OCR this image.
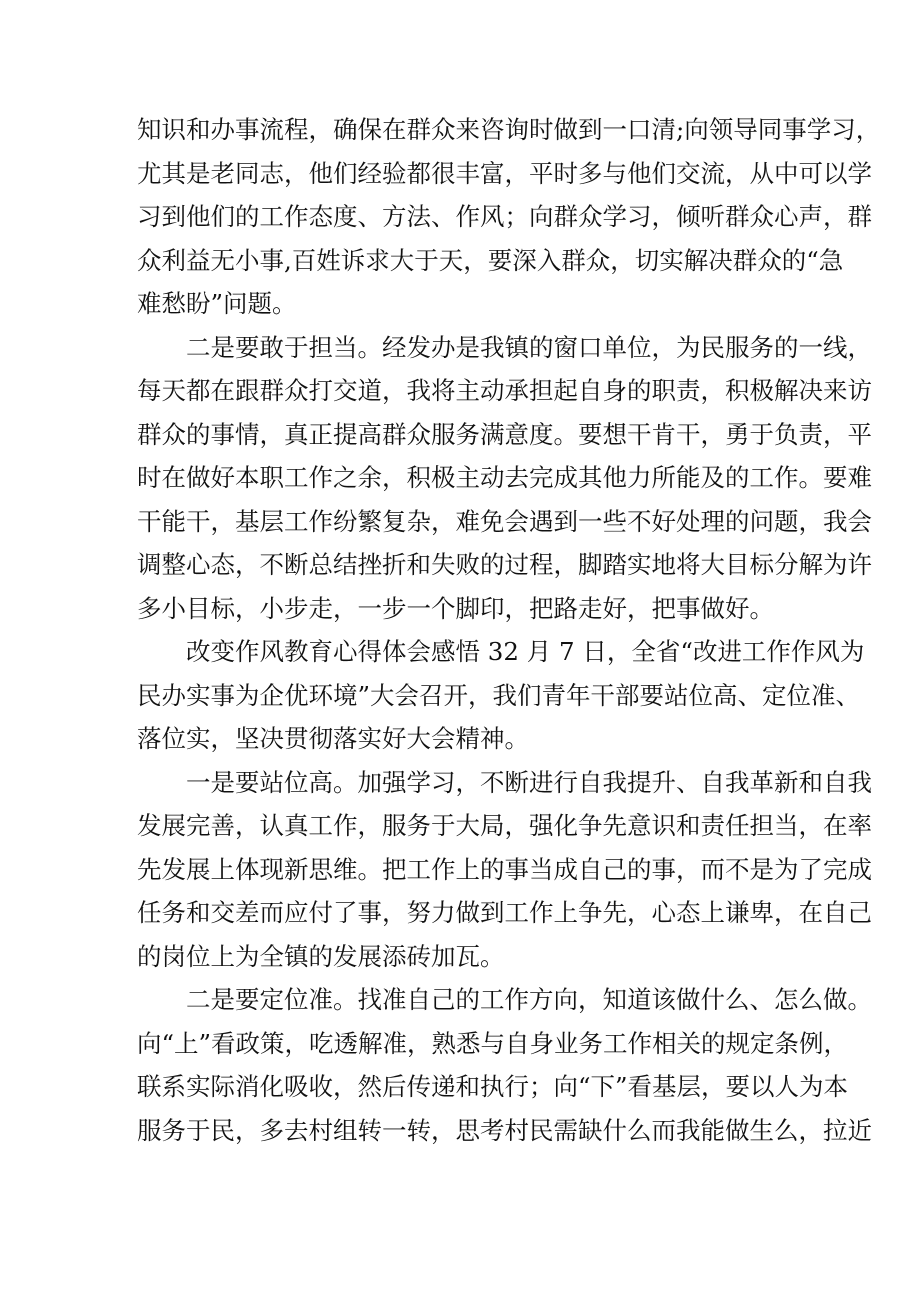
知识和办事流程，确保在群众来咨询时做到一口清;向领导同事学习，
尤其是老同志，他们经验都很丰富，平时多与他们交流，从中可以学
习到他们的工作态度、方法、作风；向群众学习，倾听群众心声，群
众利益无小事,百姓诉求大于天，要深入群众，切实解决群众的“急
难愁盼”问题。
二是要敢于担当。经发办是我镇的窗口单位，为民服务的一线，
每天都在跟群众打交道，我将主动承担起自身的职责，积极解决来访
群众的事情，真正提高群众服务满意度。要想干肯干，勇于负责，平
时在做好本职工作之余，积极主动去完成其他力所能及的工作。要难
干能干，基层工作纷繁复杂，难免会遇到一些不好处理的问题，我会
调整心态，不断总结挫折和失败的过程，脚踏实地将大目标分解为许
多小目标，小步走，一步一个脚印，把路走好，把事做好。
改变作风教育心得体会感悟 32 月 7 日，全省“改进工作作风为
民办实事为企优环境”大会召开，我们青年干部要站位高、定位准、
落位实，坚决贯彻落实好大会精神。
一是要站位高。加强学习，不断进行自我提升、自我革新和自我
发展完善，认真工作，服务于大局，强化争先意识和责任担当，在率
先发展上体现新思维。把工作上的事当成自己的事，而不是为了完成
任务和交差而应付了事，努力做到工作上争先，心态上谦卑，在自己
的岗位上为全镇的发展添砖加瓦。
二是要定位准。找准自己的工作方向，知道该做什么、怎么做。
向“上”看政策，吃透解准，熟悉与自身业务工作相关的规定条例，
联系实际消化吸收，然后传递和执行；向“下”看基层，要以人为本
服务于民，多去村组转一转，思考村民需缺什么而我能做生么，拉近
